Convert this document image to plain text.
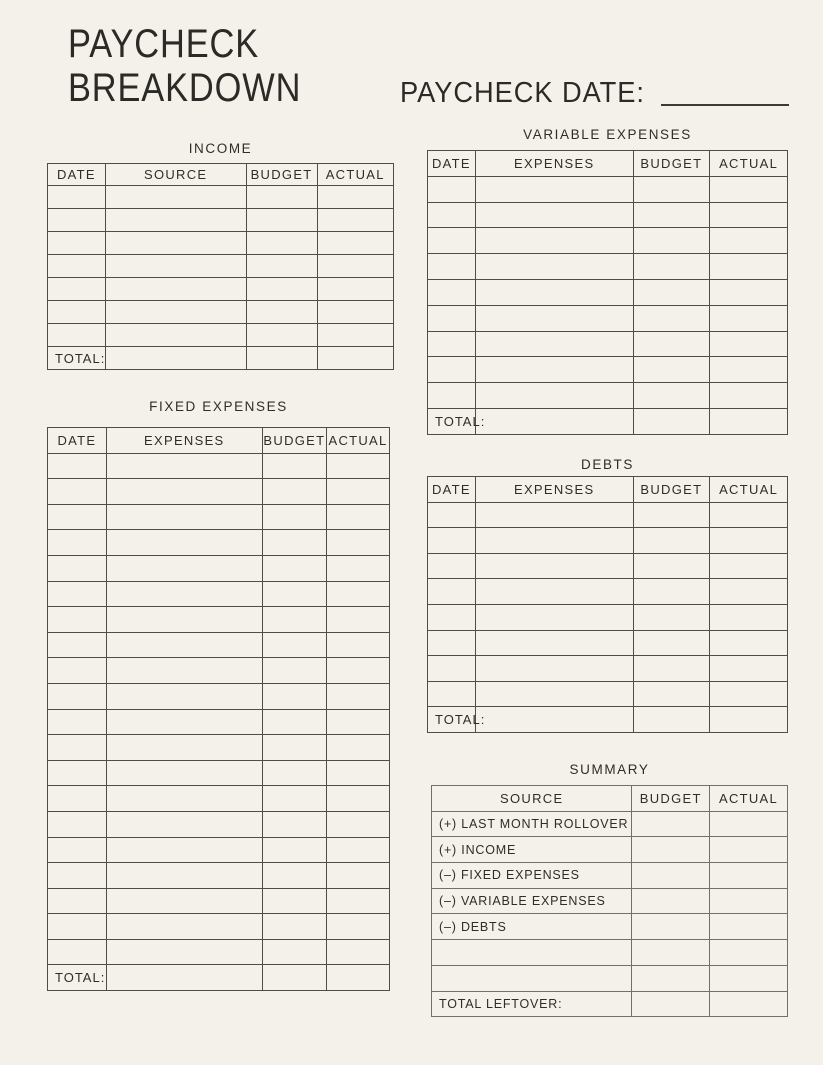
PAYCHECK
BREAKDOWN	PAYCHECK DATE:
INCOME
DATE	SOURCE	BUDGET	ACTUAL

TOTAL:			
FIXED EXPENSES
DATE	EXPENSES	BUDGET	ACTUAL

TOTAL:			
VARIABLE EXPENSES
DATE	EXPENSES	BUDGET	ACTUAL

TOTAL:			
DEBTS
DATE	EXPENSES	BUDGET	ACTUAL

TOTAL:			
SUMMARY
SOURCE	BUDGET	ACTUAL
(+) LAST MONTH ROLLOVER		
(+) INCOME		
(–) FIXED EXPENSES		
(–) VARIABLE EXPENSES		
(–) DEBTS		

TOTAL LEFTOVER:		
